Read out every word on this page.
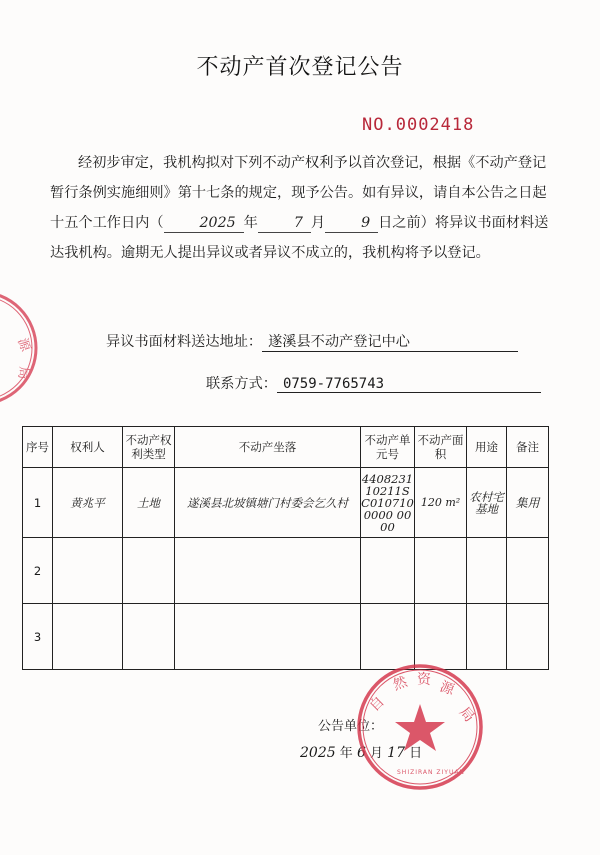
不动产首次登记公告
NO.0002418
经初步审定，我机构拟对下列不动产权利予以首次登记，根据《不动产登记暂行条例实施细则》第十七条的规定，现予公告。如有异议，请自本公告之日起十五个工作日内（	2025 年	7 月	9 日之前）将异议书面材料送达我机构。逾期无人提出异议或者异议不成立的，我机构将予以登记。
异议书面材料送达地址： 遂溪县不动产登记中心
联系方式： 0759-7765743
序号	权利人	不动产权利类型	不动产坐落	不动产单元号	不动产面　积	用途	备注
1	黄兆平	土地	遂溪县北坡镇塘门村委会乞久村	440823110211SC0107100000 0000	120 m²	农村宅基地	集用
2							
3							
公告单位：
2025 年 6 月 17 日
源
局
自
然 资 源
局
SHIZIRAN ZIYUAN
